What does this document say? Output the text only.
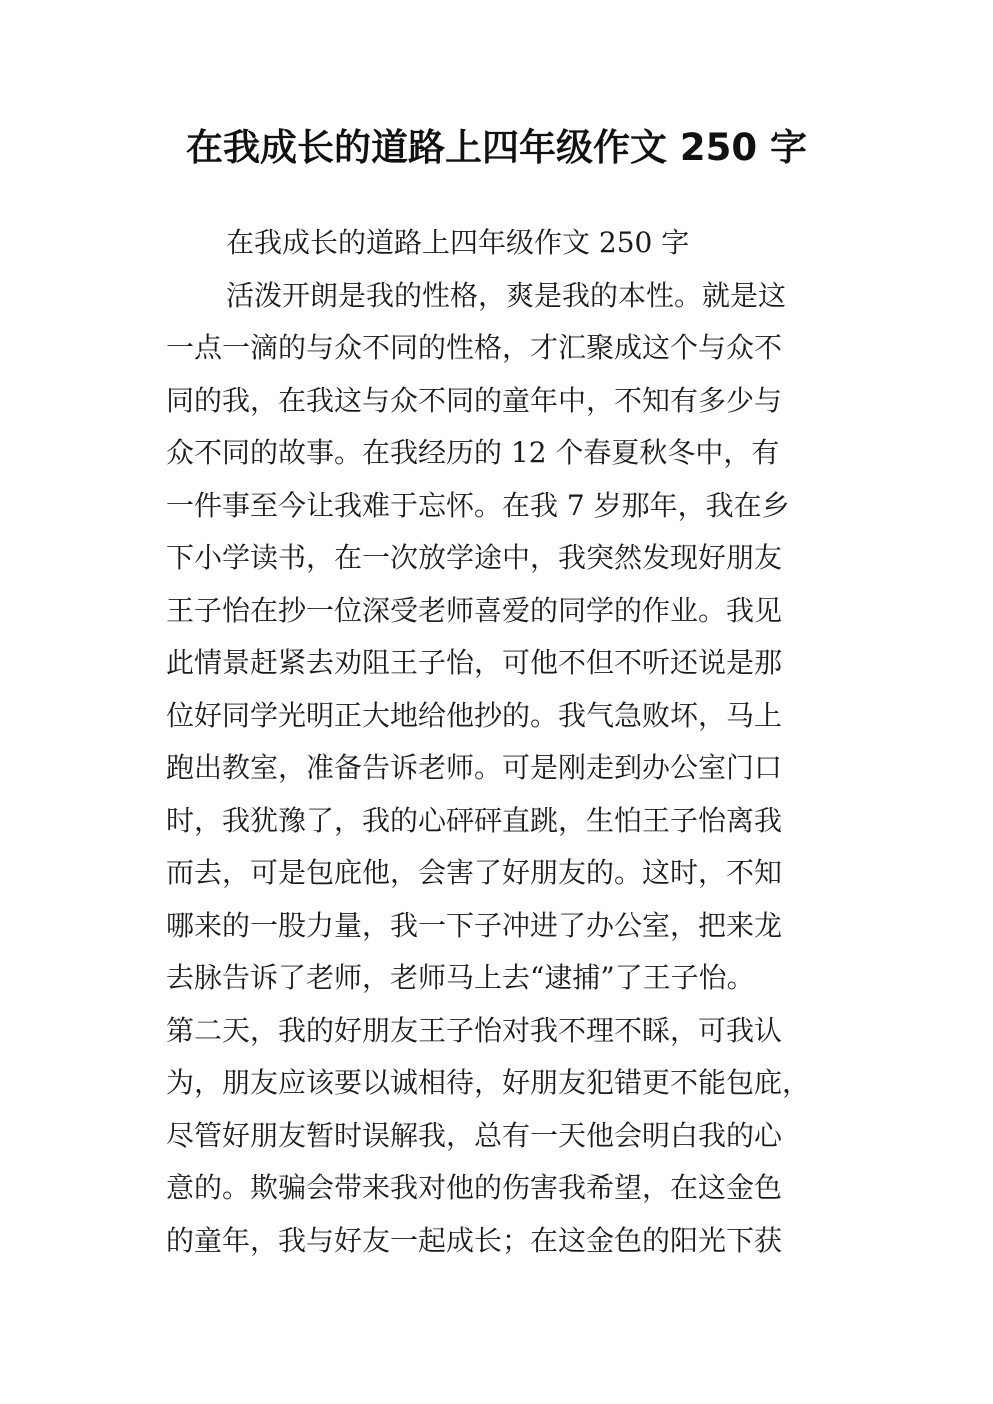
在我成长的道路上四年级作文 250 字
在我成长的道路上四年级作文 250 字
活泼开朗是我的性格，爽是我的本性。就是这
一点一滴的与众不同的性格，才汇聚成这个与众不
同的我，在我这与众不同的童年中，不知有多少与
众不同的故事。在我经历的 12 个春夏秋冬中，有
一件事至今让我难于忘怀。在我 7 岁那年，我在乡
下小学读书，在一次放学途中，我突然发现好朋友
王子怡在抄一位深受老师喜爱的同学的作业。我见
此情景赶紧去劝阻王子怡，可他不但不听还说是那
位好同学光明正大地给他抄的。我气急败坏，马上
跑出教室，准备告诉老师。可是刚走到办公室门口
时，我犹豫了，我的心砰砰直跳，生怕王子怡离我
而去，可是包庇他，会害了好朋友的。这时，不知
哪来的一股力量，我一下子冲进了办公室，把来龙
去脉告诉了老师，老师马上去“逮捕”了王子怡。
第二天，我的好朋友王子怡对我不理不睬，可我认
为，朋友应该要以诚相待，好朋友犯错更不能包庇，
尽管好朋友暂时误解我，总有一天他会明白我的心
意的。欺骗会带来我对他的伤害我希望，在这金色
的童年，我与好友一起成长；在这金色的阳光下获
